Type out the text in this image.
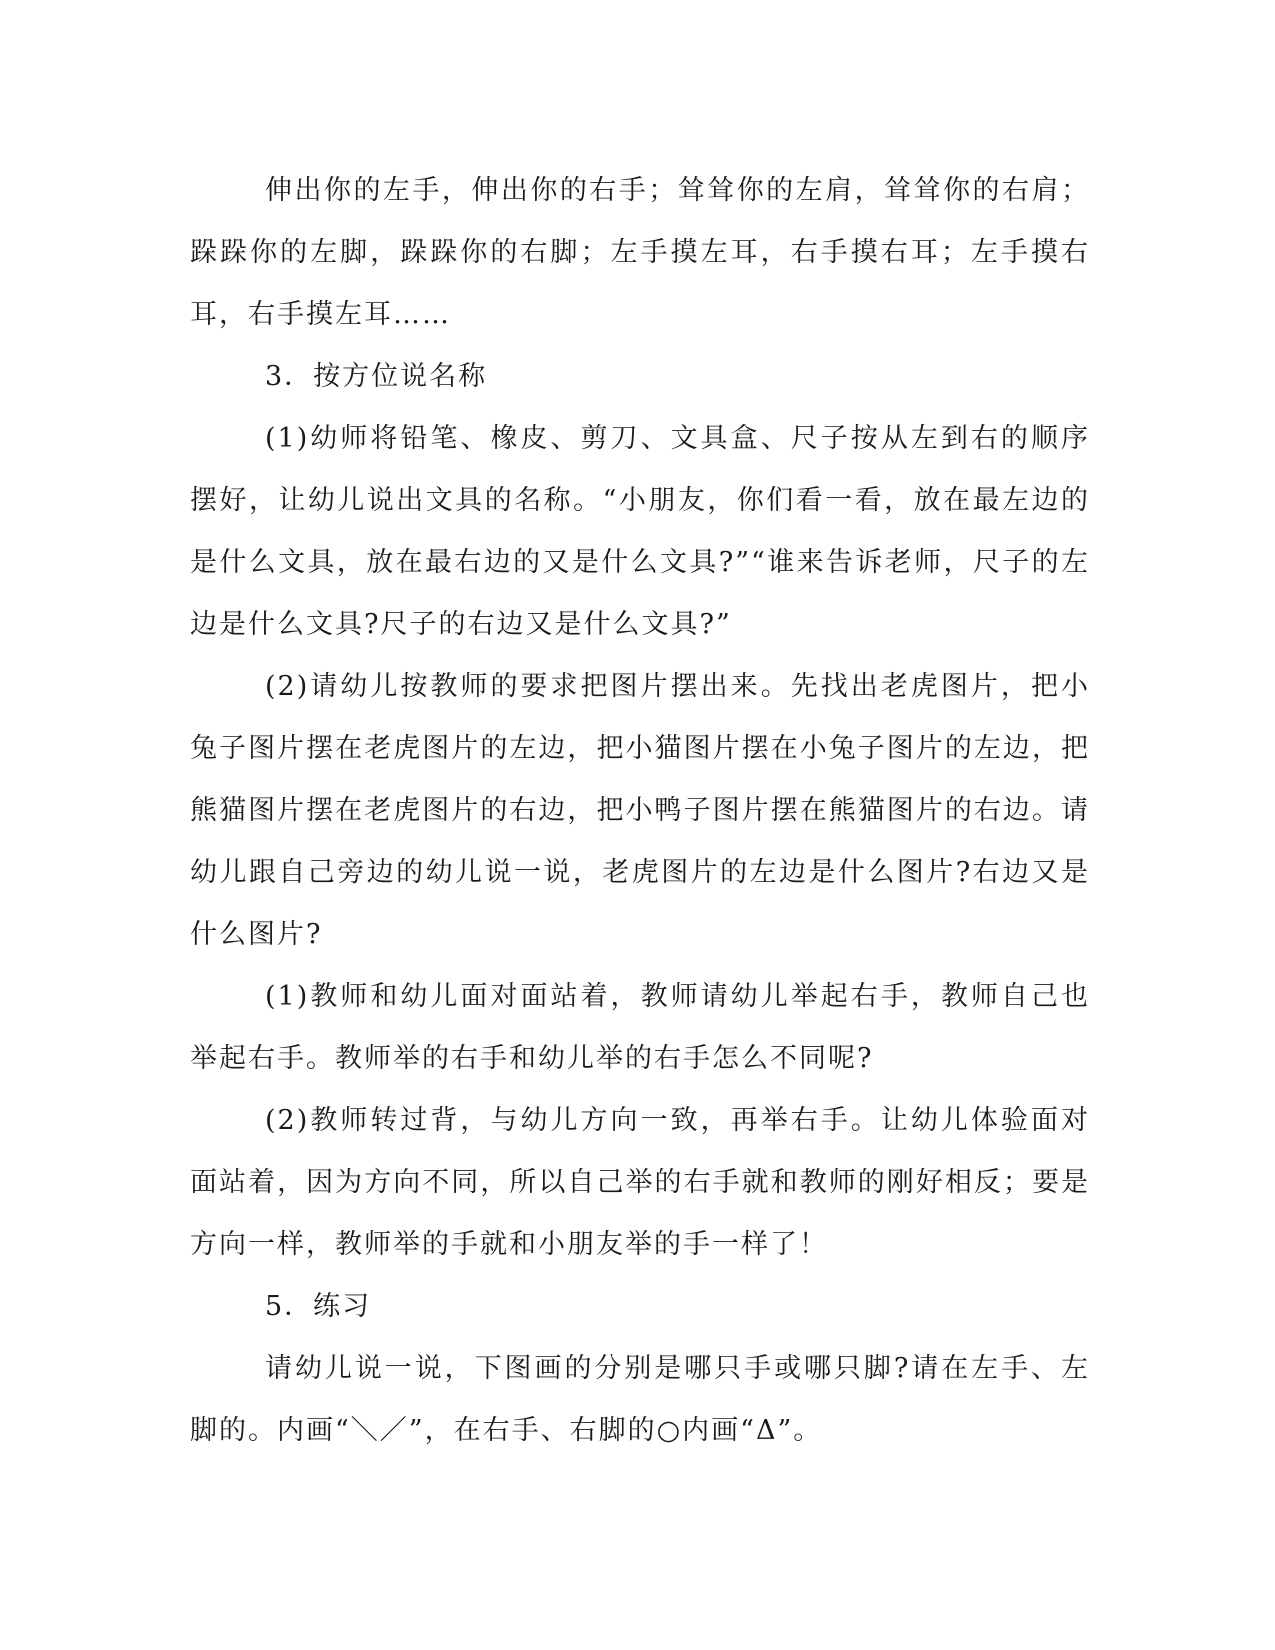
伸出你的左手，伸出你的右手；耸耸你的左肩，耸耸你的右肩；跺跺你的左脚，跺跺你的右脚；左手摸左耳，右手摸右耳；左手摸右耳，右手摸左耳……

3．按方位说名称

(1)幼师将铅笔、橡皮、剪刀、文具盒、尺子按从左到右的顺序摆好，让幼儿说出文具的名称。“小朋友，你们看一看，放在最左边的是什么文具，放在最右边的又是什么文具?”“谁来告诉老师，尺子的左边是什么文具?尺子的右边又是什么文具?”

(2)请幼儿按教师的要求把图片摆出来。先找出老虎图片，把小兔子图片摆在老虎图片的左边，把小猫图片摆在小兔子图片的左边，把熊猫图片摆在老虎图片的右边，把小鸭子图片摆在熊猫图片的右边。请幼儿跟自己旁边的幼儿说一说，老虎图片的左边是什么图片?右边又是什么图片?

(1)教师和幼儿面对面站着，教师请幼儿举起右手，教师自己也举起右手。教师举的右手和幼儿举的右手怎么不同呢?

(2)教师转过背，与幼儿方向一致，再举右手。让幼儿体验面对面站着，因为方向不同，所以自己举的右手就和教师的刚好相反；要是方向一样，教师举的手就和小朋友举的手一样了！

5．练习

请幼儿说一说，下图画的分别是哪只手或哪只脚?请在左手、左脚的。内画“＼／”，在右手、右脚的○内画“Δ”。
